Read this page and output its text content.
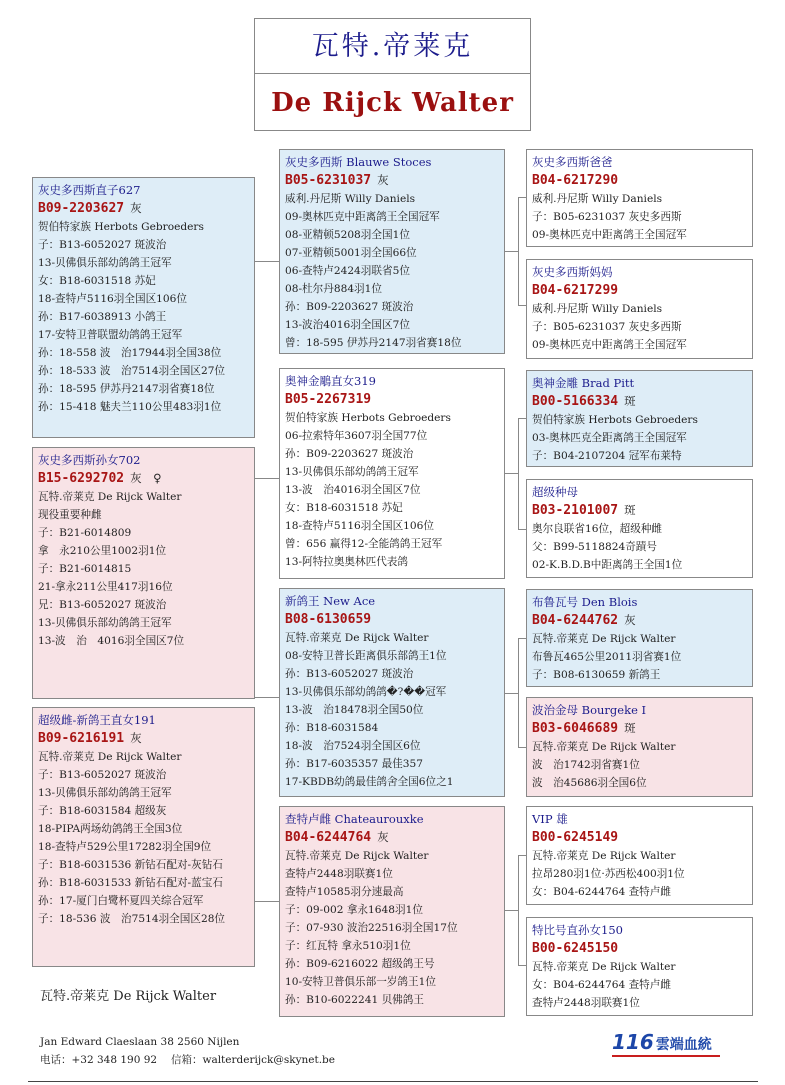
瓦特.帝莱克
De Rijck Walter
灰史多西斯直子627
B09-2203627 灰
贺伯特家族 Herbots Gebroeders
子：B13-6052027 斑波治
13-贝佛俱乐部幼鸽鸽王冠军
女：B18-6031518 苏妃
18-查特卢5116羽全国区106位
孙：B17-6038913 小鸽王
17-安特卫普联盟幼鸽鸽王冠军
孙：18-558 波　治17944羽全国38位
孙：18-533 波　治7514羽全国区27位
孙：18-595 伊苏丹2147羽省赛18位
孙：15-418 魅夫兰110公里483羽1位
灰史多西斯孙女702
B15-6292702 灰　♀
瓦特.帝莱克 De Rijck Walter
现役重要种雌
子：B21-6014809
拿　永210公里1002羽1位
子：B21-6014815
21-拿永211公里417羽16位
兄：B13-6052027 斑波治
13-贝佛俱乐部幼鸽鸽王冠军
13-波　治　4016羽全国区7位
超级雌-新鸽王直女191
B09-6216191 灰
瓦特.帝莱克 De Rijck Walter
子：B13-6052027 斑波治
13-贝佛俱乐部幼鸽鸽王冠军
子：B18-6031584 超级灰
18-PIPA两场幼鸽鸽王全国3位
18-查特卢529公里17282羽全国9位
子：B18-6031536 新钻石配对-灰钻石
孙：B18-6031533 新钻石配对-蓝宝石
孙：17-厦门白鹭杯夏四关综合冠军
子：18-536 波　治7514羽全国区28位
灰史多西斯 Blauwe Stoces
B05-6231037 灰
威利.丹尼斯 Willy Daniels
09-奥林匹克中距离鸽王全国冠军
08-亚精顿5208羽全国1位
07-亚精顿5001羽全国66位
06-查特卢2424羽联省5位
08-杜尔丹884羽1位
孙：B09-2203627 斑波治
13-波治4016羽全国区7位
曾：18-595 伊苏丹2147羽省赛18位
奥神金鵰直女319
B05-2267319
贺伯特家族 Herbots Gebroeders
06-拉索特年3607羽全国77位
孙：B09-2203627 斑波治
13-贝佛俱乐部幼鸽鸽王冠军
13-波　治4016羽全国区7位
女：B18-6031518 苏妃
18-查特卢5116羽全国区106位
曾：656 赢得12-全能鸽鸽王冠军
13-阿特拉奥奥林匹代表鸽
新鸽王 New Ace
B08-6130659
瓦特.帝莱克 De Rijck Walter
08-安特卫普长距离俱乐部鸽王1位
孙：B13-6052027 斑波治
13-贝佛俱乐部幼鸽鸽�?��冠军
13-波　治18478羽全国50位
孙：B18-6031584
18-波　治7524羽全国区6位
孙：B17-6035357 最佳357
17-KBDB幼鸽最佳鸽舍全国6位之1
查特卢雌 Chateaurouxke
B04-6244764 灰
瓦特.帝莱克 De Rijck Walter
查特卢2448羽联赛1位
查特卢10585羽分速最高
子：09-002 拿永1648羽1位
子：07-930 波治22516羽全国17位
子：红瓦特 拿永510羽1位
孙：B09-6216022 超级鸽王号
10-安特卫普俱乐部一岁鸽王1位
孙：B10-6022241 贝佛鸽王
灰史多西斯爸爸
B04-6217290
威利.丹尼斯 Willy Daniels
子：B05-6231037 灰史多西斯
09-奥林匹克中距离鸽王全国冠军
灰史多西斯妈妈
B04-6217299
威利.丹尼斯 Willy Daniels
子：B05-6231037 灰史多西斯
09-奥林匹克中距离鸽王全国冠军
奥神金雕 Brad Pitt
B00-5166334 斑
贺伯特家族 Herbots Gebroeders
03-奥林匹克全距离鸽王全国冠军
子：B04-2107204 冠军布莱特
超级种母
B03-2101007 斑
奥尔良联省16位，超级种雌
父：B99-5118824奇蹟号
02-K.B.D.B中距离鸽王全国1位
布鲁瓦号 Den Blois
B04-6244762 灰
瓦特.帝莱克 De Rijck Walter
布鲁瓦465公里2011羽省赛1位
子：B08-6130659 新鸽王
波治金母 Bourgeke I
B03-6046689 斑
瓦特.帝莱克 De Rijck Walter
波　治1742羽省赛1位
波　治45686羽全国6位
VIP 雄
B00-6245149
瓦特.帝莱克 De Rijck Walter
拉昂280羽1位·苏西松400羽1位
女：B04-6244764 查特卢雌
特比号直孙女150
B00-6245150
瓦特.帝莱克 De Rijck Walter
女：B04-6244764 查特卢雌
查特卢2448羽联赛1位
瓦特.帝莱克 De Rijck Walter
Jan Edward Claeslaan 38 2560 Nijlen
电话：+32 348 190 92　 信箱：walterderijck@skynet.be
116 雲端血統
